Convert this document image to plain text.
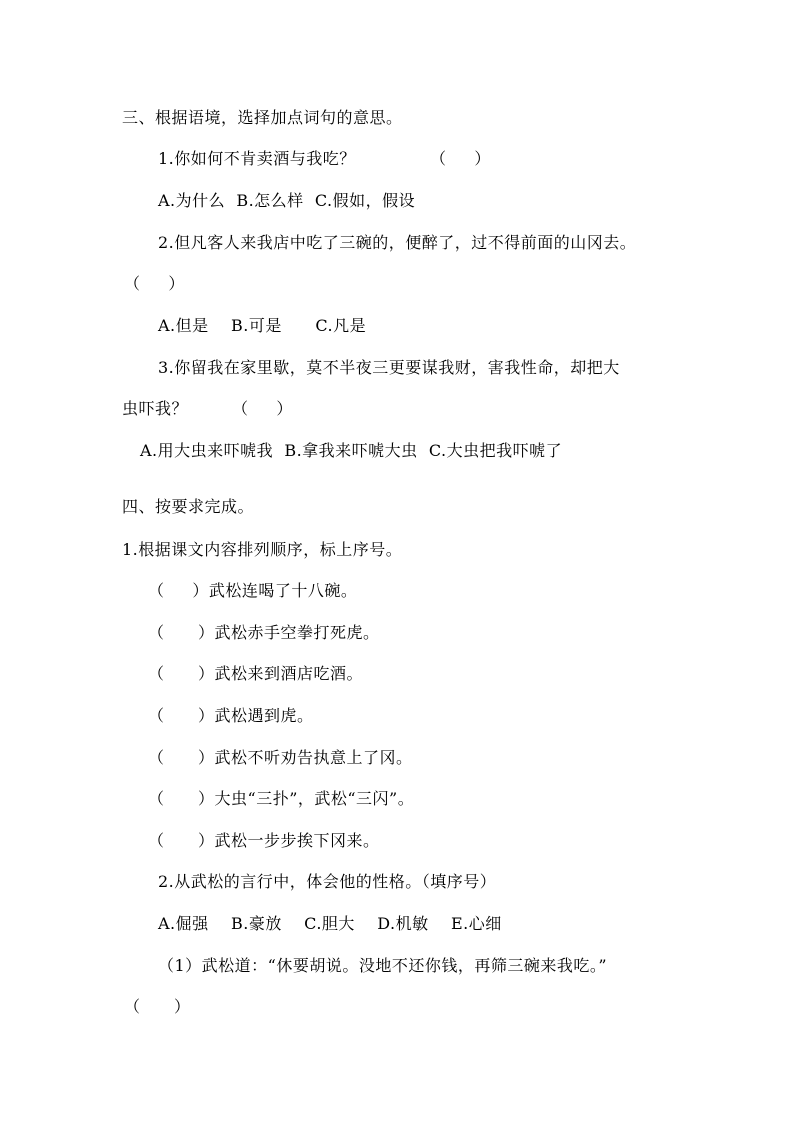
三、根据语境，选择加点词句的意思。
1.你如何不肯卖酒与我吃？	（     ）
A.为什么  B.怎么样  C.假如，假设
2.但凡客人来我店中吃了三碗的，便醉了，过不得前面的山冈去。
（     ）
A.但是    B.可是      C.凡是
3.你留我在家里歇，莫不半夜三更要谋我财，害我性命，却把大
虫吓我？	（     ）
A.用大虫来吓唬我  B.拿我来吓唬大虫  C.大虫把我吓唬了
四、按要求完成。
1.根据课文内容排列顺序，标上序号。
（     ）武松连喝了十八碗。
（      ）武松赤手空拳打死虎。
（      ）武松来到酒店吃酒。
（      ）武松遇到虎。
（      ）武松不听劝告执意上了冈。
（      ）大虫“三扑”，武松“三闪”。
（      ）武松一步步挨下冈来。
2.从武松的言行中，体会他的性格。（填序号）
A.倔强    B.豪放    C.胆大    D.机敏    E.心细
（1）武松道：“休要胡说。没地不还你钱，再筛三碗来我吃。”
（      ）
